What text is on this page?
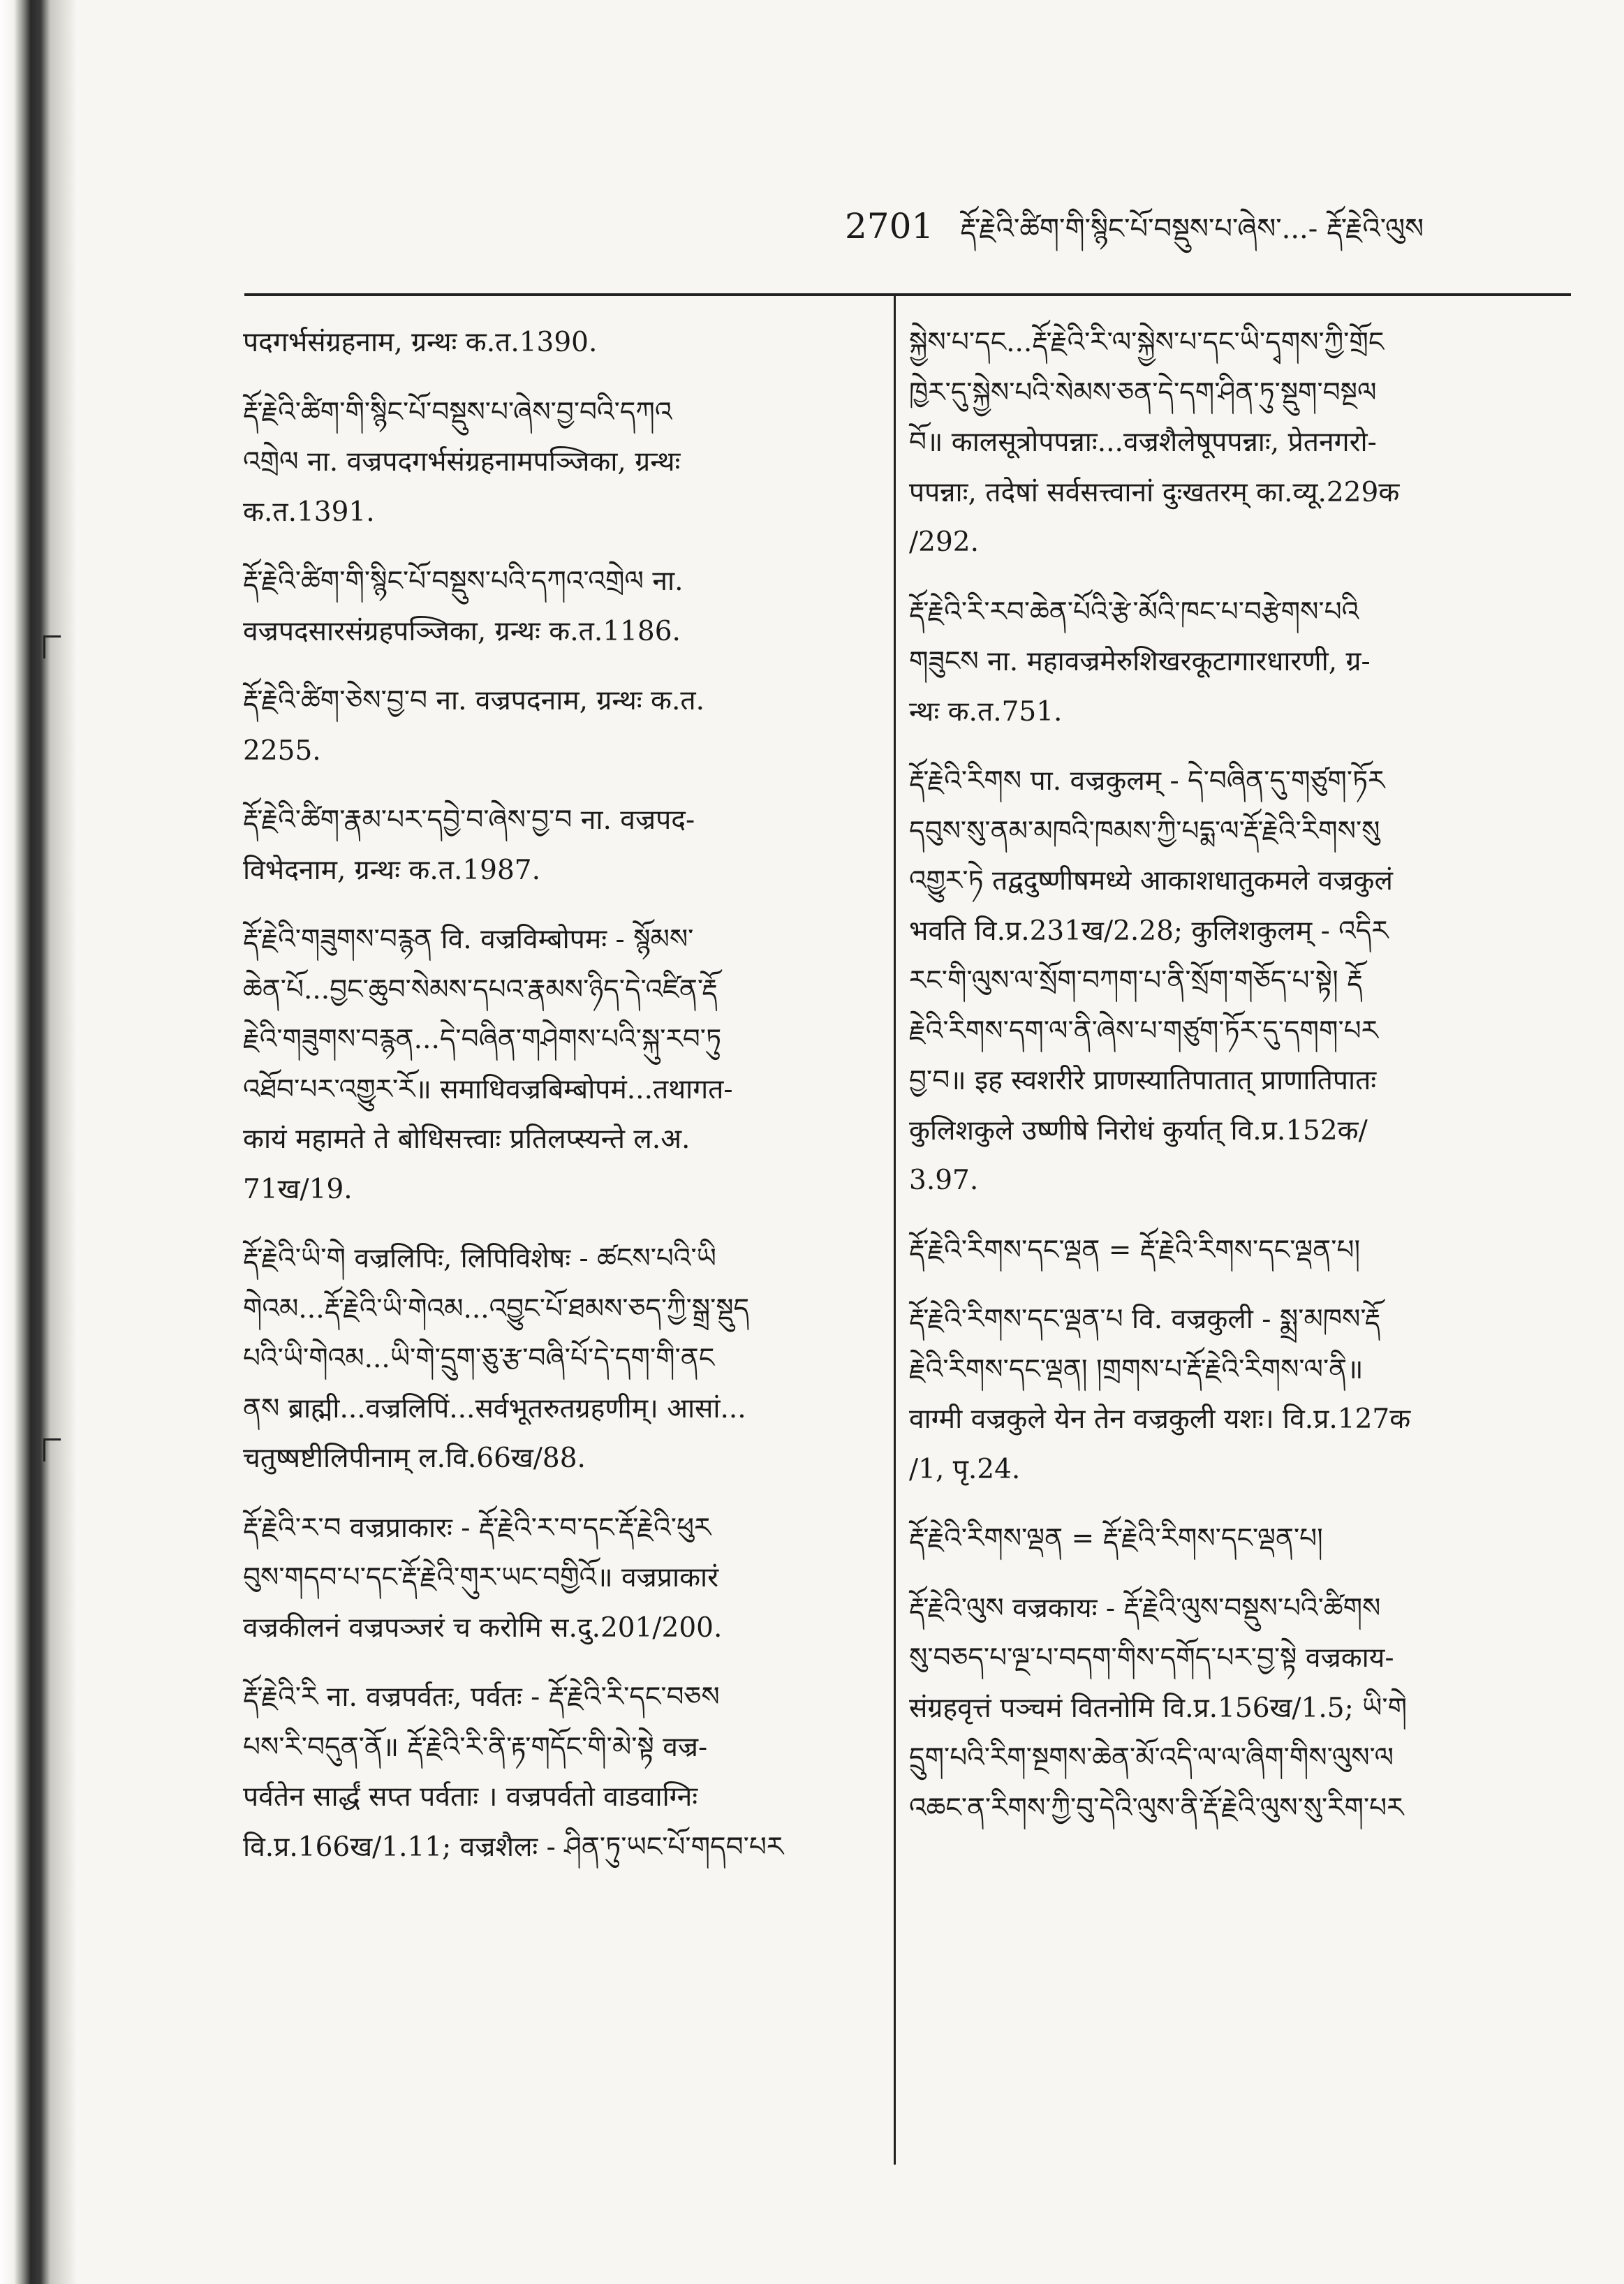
2701 རྡོ་རྗེའི་ཚིག་གི་སྙིང་པོ་བསྡུས་པ་ཞེས་...- རྡོ་རྗེའི་ལུས
पदगर्भसंग्रहनाम, ग्रन्थः क.त.1390.
རྡོ་རྗེའི་ཚིག་གི་སྙིང་པོ་བསྡུས་པ་ཞེས་བྱ་བའི་དཀའ
འགྲེལ ना. वज्रपदगर्भसंग्रहनामपञ्जिका, ग्रन्थः
क.त.1391.
རྡོ་རྗེའི་ཚིག་གི་སྙིང་པོ་བསྡུས་པའི་དཀའ་འགྲེལ ना.
वज्रपदसारसंग्रहपञ्जिका, ग्रन्थः क.त.1186.
རྡོ་རྗེའི་ཚིག་ཅེས་བྱ་བ ना. वज्रपदनाम, ग्रन्थः क.त.
2255.
རྡོ་རྗེའི་ཚིག་རྣམ་པར་དབྱེ་བ་ཞེས་བྱ་བ ना. वज्रपद-
विभेदनाम, ग्रन्थः क.त.1987.
རྡོ་རྗེའི་གཟུགས་བརྙན वि. वज्रविम्बोपमः - སྙོམས་
ཆེན་པོ...བྱང་ཆུབ་སེམས་དཔའ་རྣམས་ཉིད་དེ་འཛིན་རྡོ
རྗེའི་གཟུགས་བརྙན...དེ་བཞིན་གཤེགས་པའི་སྐུ་རབ་ཏུ
འཐོབ་པར་འགྱུར་རོ॥ समाधिवज्रबिम्बोपमं...तथागत-
कायं महामते ते बोधिसत्त्वाः प्रतिलप्स्यन्ते ल.अ.
71ख/19.
རྡོ་རྗེའི་ཡི་གེ वज्रलिपिः, लिपिविशेषः - ཚངས་པའི་ཡི
གེའམ...རྡོ་རྗེའི་ཡི་གེའམ...འབྱུང་པོ་ཐམས་ཅད་ཀྱི་སྒྲ་སྡུད
པའི་ཡི་གེའམ...ཡི་གེ་དྲུག་ཅུ་རྩ་བཞི་པོ་དེ་དག་གི་ནང
ནས ब्राह्मी...वज्रलिपिं...सर्वभूतरुतग्रहणीम्। आसां...
चतुष्षष्टीलिपीनाम् ल.वि.66ख/88.
རྡོ་རྗེའི་ར་བ वज्रप्राकारः - རྡོ་རྗེའི་ར་བ་དང་རྡོ་རྗེའི་ཕུར
བུས་གདབ་པ་དང་རྡོ་རྗེའི་གུར་ཡང་བགྱིའོ॥ वज्रप्राकारं
वज्रकीलनं वज्रपञ्जरं च करोमि स.दु.201/200.
རྡོ་རྗེའི་རི ना. वज्रपर्वतः, पर्वतः - རྡོ་རྗེའི་རི་དང་བཅས
པས་རི་བདུན་ནོ॥ རྡོ་རྗེའི་རི་ནི་རྟ་གདོང་གི་མེ་སྟེ वज्र-
पर्वतेन सार्द्धं सप्त पर्वताः । वज्रपर्वतो वाडवाग्निः
वि.प्र.166ख/1.11; वज्रशैलः - ཤིན་ཏུ་ཡང་པོ་གདབ་པར
སྐྱེས་པ་དང...རྡོ་རྗེའི་རི་ལ་སྐྱེས་པ་དང་ཡི་དྭགས་ཀྱི་གྲོང
ཁྱེར་དུ་སྐྱེས་པའི་སེམས་ཅན་དེ་དག་ཤིན་ཏུ་སྡུག་བསྔལ
བོ॥ कालसूत्रोपपन्नाः...वज्रशैलेषूपपन्नाः, प्रेतनगरो-
पपन्नाः, तदेषां सर्वसत्त्वानां दुःखतरम् का.व्यू.229क
/292.
རྡོ་རྗེའི་རི་རབ་ཆེན་པོའི་རྩེ་མོའི་ཁང་པ་བརྩེགས་པའི
གཟུངས ना. महावज्रमेरुशिखरकूटागारधारणी, ग्र-
न्थः क.त.751.
རྡོ་རྗེའི་རིགས पा. वज्रकुलम् - དེ་བཞིན་དུ་གཙུག་ཏོར
དབུས་སུ་ནམ་མཁའི་ཁམས་ཀྱི་པདྨ་ལ་རྡོ་རྗེའི་རིགས་སུ
འགྱུར་ཏེ तद्वदुष्णीषमध्ये आकाशधातुकमले वज्रकुलं
भवति वि.प्र.231ख/2.28; कुलिशकुलम् - འདིར
རང་གི་ལུས་ལ་སྲོག་བཀག་པ་ནི་སྲོག་གཅོད་པ་སྟེ། རྡོ
རྗེའི་རིགས་དག་ལ་ནི་ཞེས་པ་གཙུག་ཏོར་དུ་དགག་པར
བྱ་བ॥ इह स्वशरीरे प्राणस्यातिपातात् प्राणातिपातः
कुलिशकुले उष्णीषे निरोधं कुर्यात् वि.प्र.152क/
3.97.
རྡོ་རྗེའི་རིགས་དང་ལྡན = རྡོ་རྗེའི་རིགས་དང་ལྡན་པ།
རྡོ་རྗེའི་རིགས་དང་ལྡན་པ वि. वज्रकुली - སྨྲ་མཁས་རྡོ
རྗེའི་རིགས་དང་ལྡན། །གྲགས་པ་རྡོ་རྗེའི་རིགས་ལ་ནི॥
वाग्मी वज्रकुले येन तेन वज्रकुली यशः। वि.प्र.127क
/1, पृ.24.
རྡོ་རྗེའི་རིགས་ལྡན = རྡོ་རྗེའི་རིགས་དང་ལྡན་པ།
རྡོ་རྗེའི་ལུས वज्रकायः - རྡོ་རྗེའི་ལུས་བསྡུས་པའི་ཚིགས
སུ་བཅད་པ་ལྔ་པ་བདག་གིས་དགོད་པར་བྱ་སྟེ वज्रकाय-
संग्रहवृत्तं पञ्चमं वितनोमि वि.प्र.156ख/1.5; ཡི་གེ
དྲུག་པའི་རིག་སྔགས་ཆེན་མོ་འདི་ལ་ལ་ཞིག་གིས་ལུས་ལ
འཆང་ན་རིགས་ཀྱི་བུ་དེའི་ལུས་ནི་རྡོ་རྗེའི་ལུས་སུ་རིག་པར
